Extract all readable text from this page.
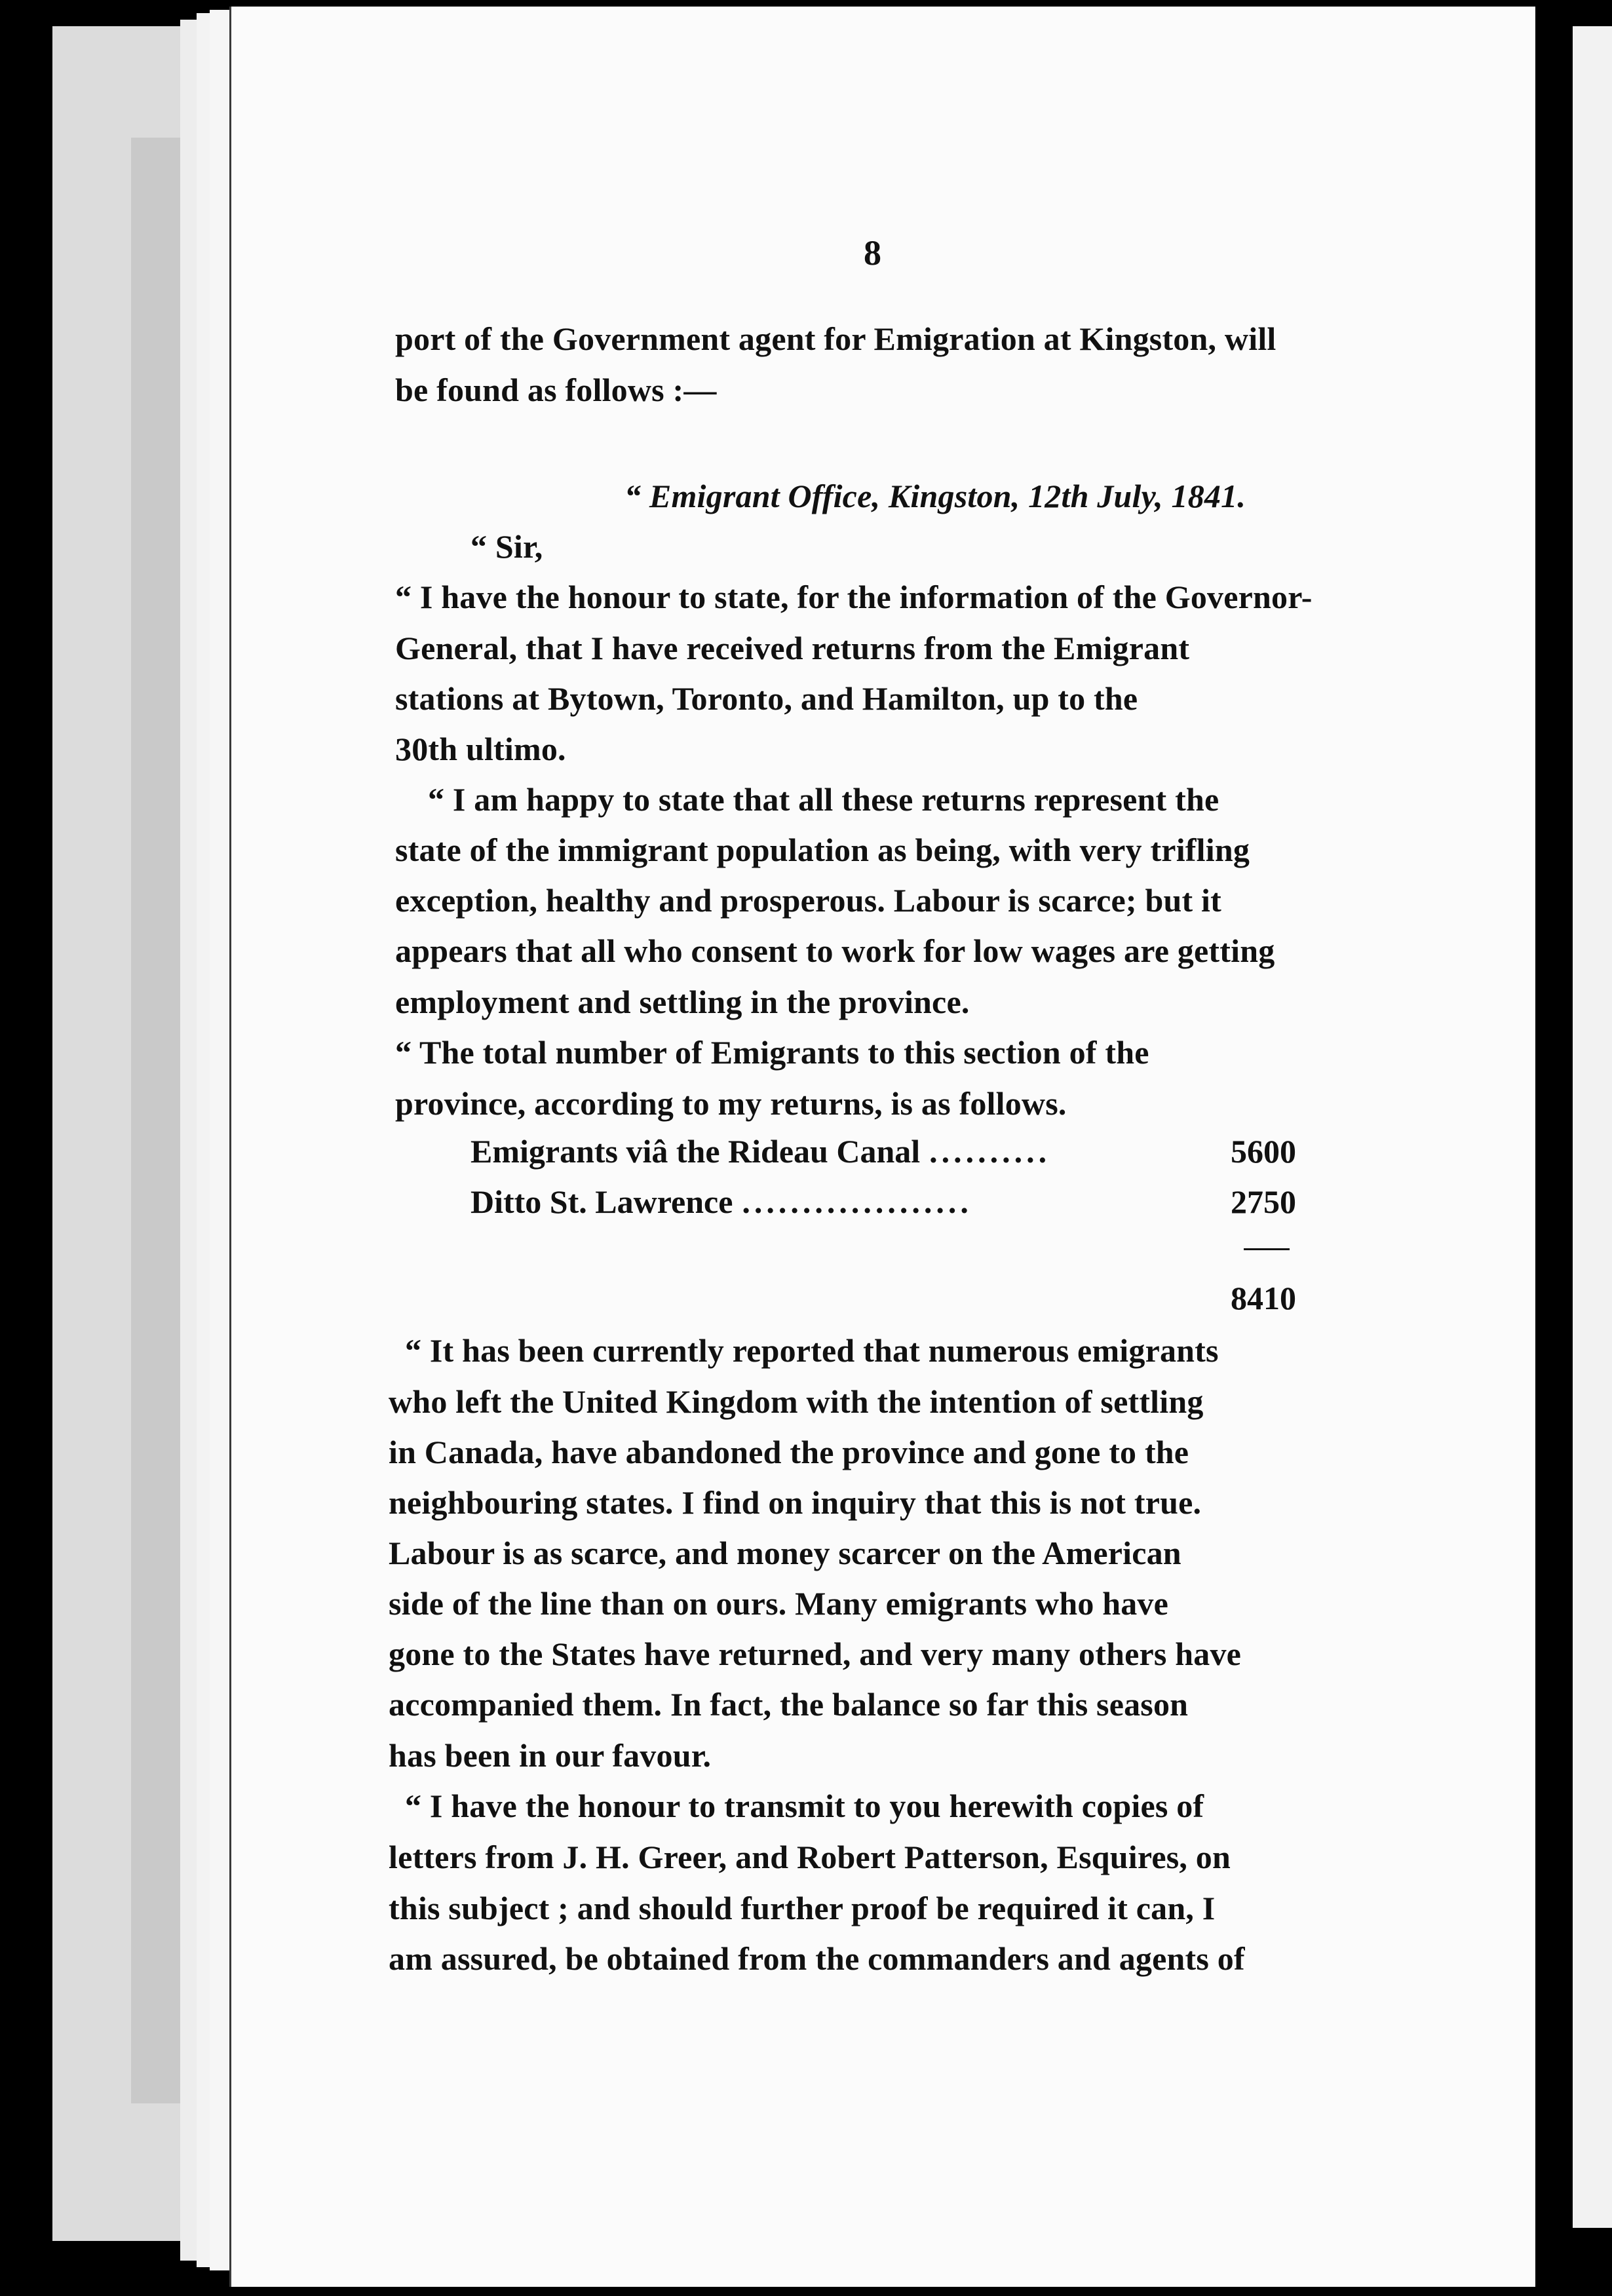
8
port of the Government agent for Emigration at Kingston, will
be found as follows :—
“ Emigrant Office, Kingston, 12th July, 1841.
“ Sir,
“ I have the honour to state, for the information of the Governor-
General, that I have received returns from the Emigrant
stations at Bytown, Toronto, and Hamilton, up to the
30th ultimo.
“ I am happy to state that all these returns represent the
state of the immigrant population as being, with very trifling
exception, healthy and prosperous. Labour is scarce; but it
appears that all who consent to work for low wages are getting
employment and settling in the province.
“ The total number of Emigrants to this section of the
province, according to my returns, is as follows.
Emigrants viâ the Rideau Canal ..........	5600
Ditto St. Lawrence ...................	2750
8410
“ It has been currently reported that numerous emigrants
who left the United Kingdom with the intention of settling
in Canada, have abandoned the province and gone to the
neighbouring states. I find on inquiry that this is not true.
Labour is as scarce, and money scarcer on the American
side of the line than on ours. Many emigrants who have
gone to the States have returned, and very many others have
accompanied them. In fact, the balance so far this season
has been in our favour.
“ I have the honour to transmit to you herewith copies of
letters from J. H. Greer, and Robert Patterson, Esquires, on
this subject ; and should further proof be required it can, I
am assured, be obtained from the commanders and agents of
